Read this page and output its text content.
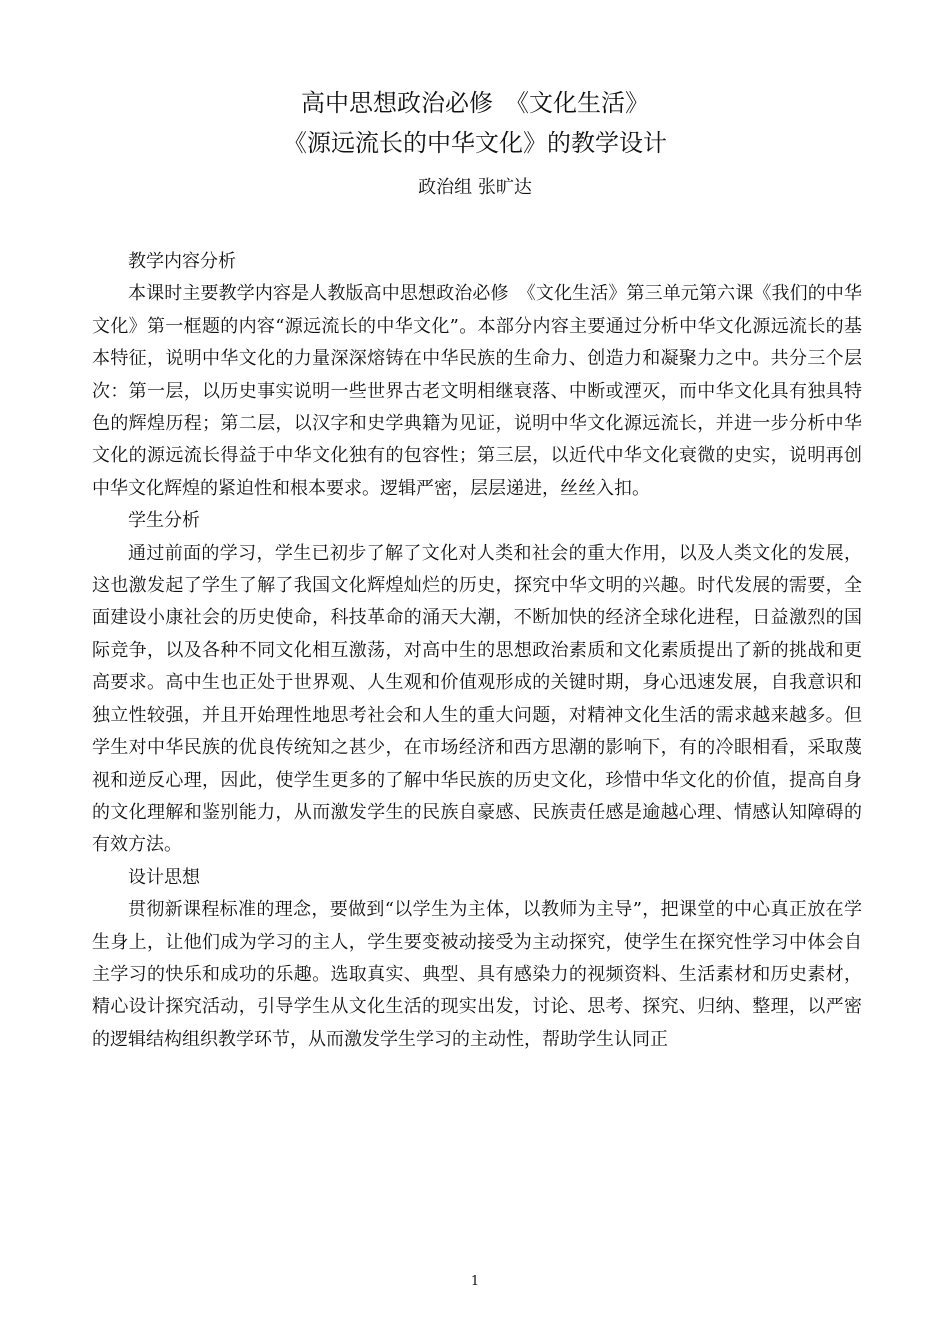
高中思想政治必修　《文化生活》
《源远流长的中华文化》的教学设计
政治组 张旷达
教学内容分析

本课时主要教学内容是人教版高中思想政治必修　《文化生活》第三单元第六课《我们的中华文化》第一框题的内容“源远流长的中华文化”。本部分内容主要通过分析中华文化源远流长的基本特征，说明中华文化的力量深深熔铸在中华民族的生命力、创造力和凝聚力之中。共分三个层次：第一层，以历史事实说明一些世界古老文明相继衰落、中断或湮灭，而中华文化具有独具特色的辉煌历程；第二层，以汉字和史学典籍为见证，说明中华文化源远流长，并进一步分析中华文化的源远流长得益于中华文化独有的包容性；第三层，以近代中华文化衰微的史实，说明再创中华文化辉煌的紧迫性和根本要求。逻辑严密，层层递进，丝丝入扣。

学生分析

通过前面的学习，学生已初步了解了文化对人类和社会的重大作用，以及人类文化的发展，这也激发起了学生了解了我国文化辉煌灿烂的历史，探究中华文明的兴趣。时代发展的需要，全面建设小康社会的历史使命，科技革命的涌天大潮，不断加快的经济全球化进程，日益激烈的国际竞争，以及各种不同文化相互激荡，对高中生的思想政治素质和文化素质提出了新的挑战和更高要求。高中生也正处于世界观、人生观和价值观形成的关键时期，身心迅速发展，自我意识和独立性较强，并且开始理性地思考社会和人生的重大问题，对精神文化生活的需求越来越多。但学生对中华民族的优良传统知之甚少，在市场经济和西方思潮的影响下，有的冷眼相看，采取蔑视和逆反心理，因此，使学生更多的了解中华民族的历史文化，珍惜中华文化的价值，提高自身的文化理解和鉴别能力，从而激发学生的民族自豪感、民族责任感是逾越心理、情感认知障碍的有效方法。

设计思想

贯彻新课程标准的理念，要做到“以学生为主体，以教师为主导”，把课堂的中心真正放在学生身上，让他们成为学习的主人，学生要变被动接受为主动探究，使学生在探究性学习中体会自主学习的快乐和成功的乐趣。选取真实、典型、具有感染力的视频资料、生活素材和历史素材，精心设计探究活动，引导学生从文化生活的现实出发，讨论、思考、探究、归纳、整理，以严密的逻辑结构组织教学环节，从而激发学生学习的主动性，帮助学生认同正

1
